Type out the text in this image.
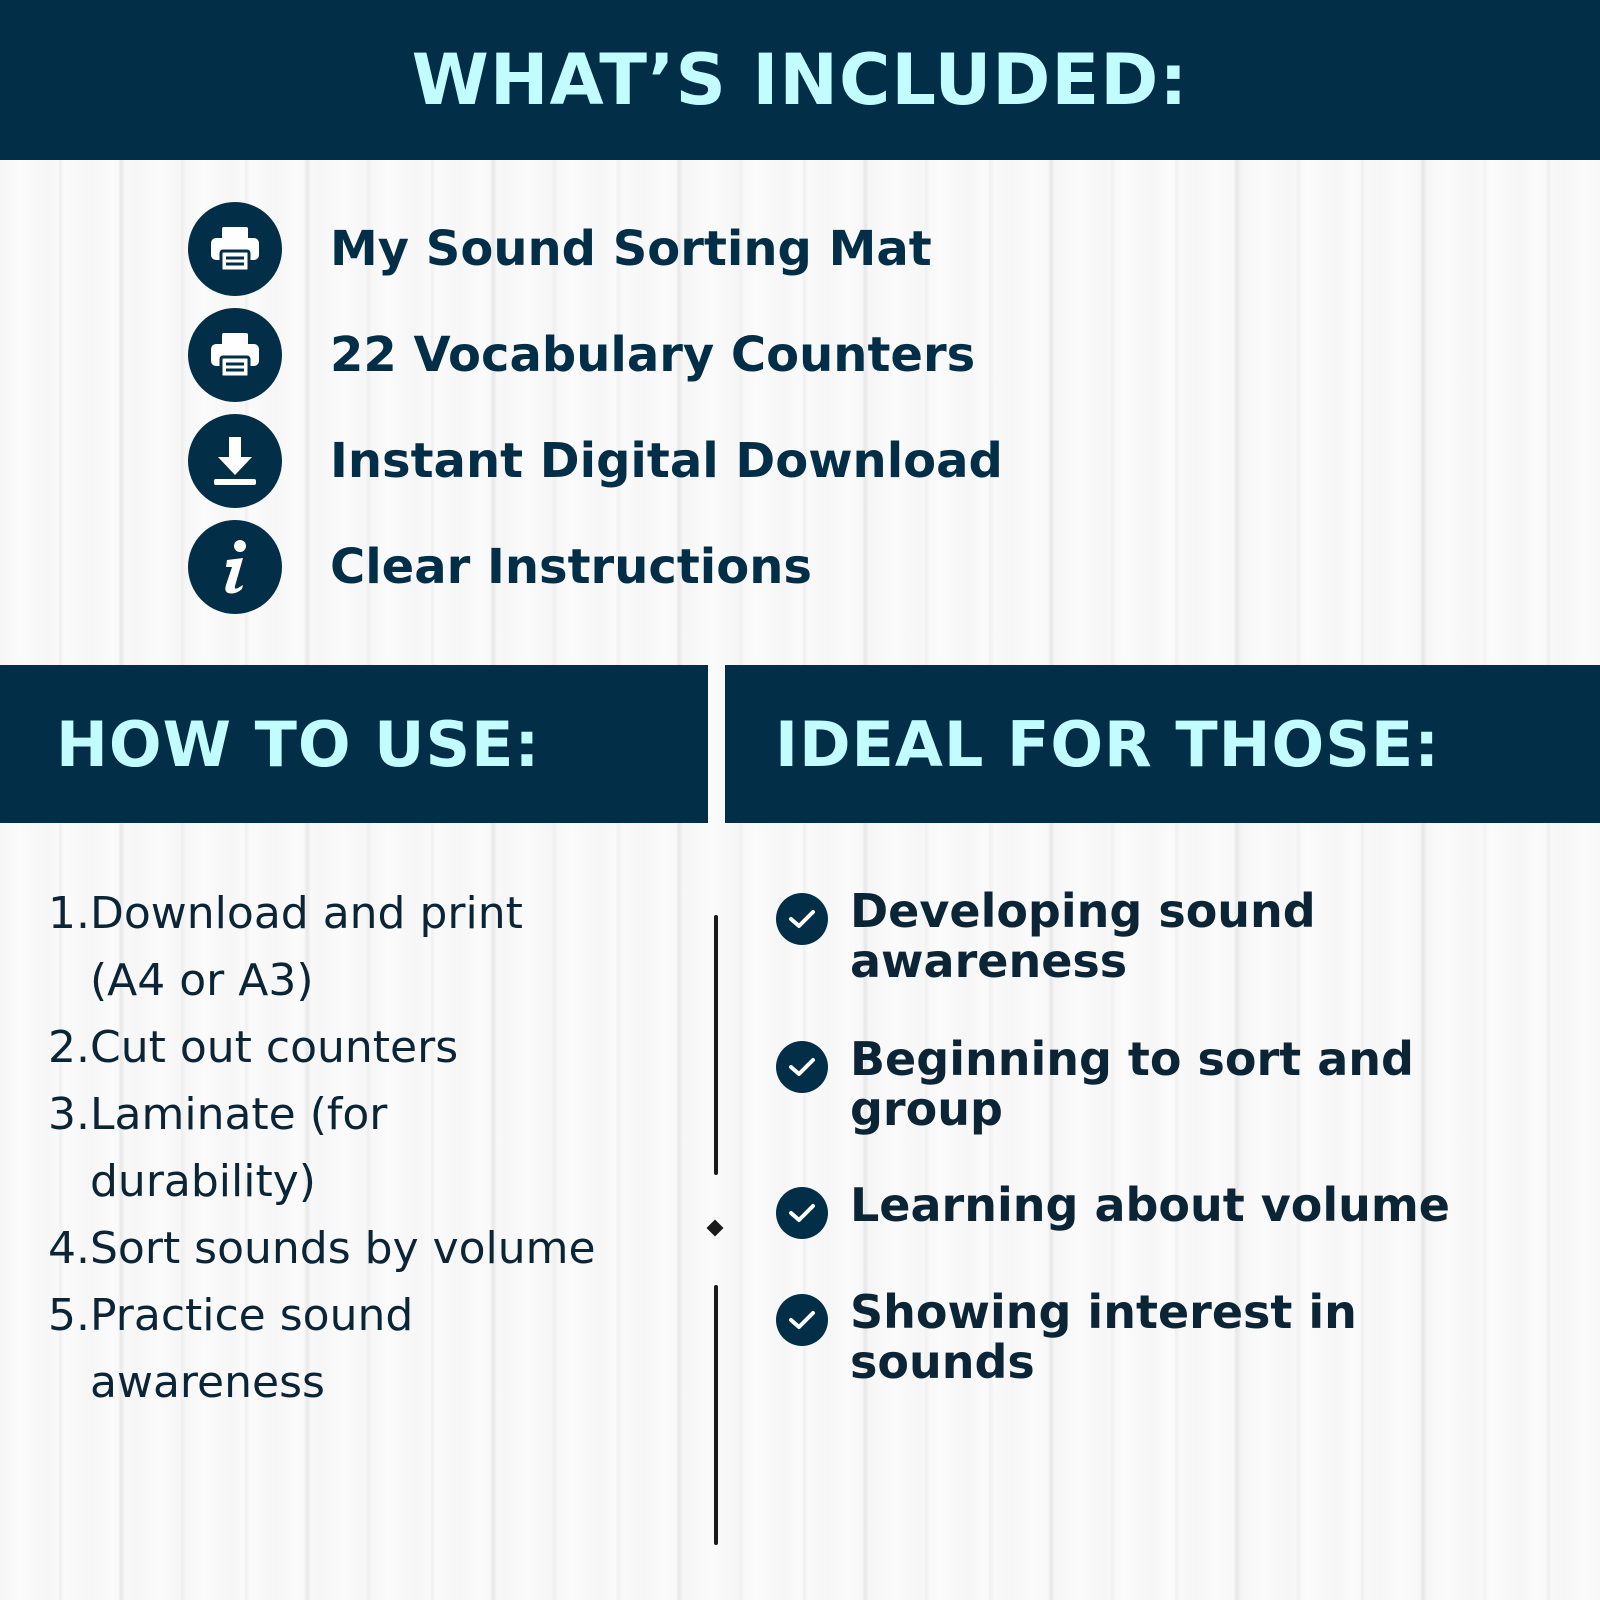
WHAT’S INCLUDED:
My Sound Sorting Mat
22 Vocabulary Counters
Instant Digital Download
Clear Instructions
HOW TO USE:	IDEAL FOR THOSE:
1. Download and print (A4 or A3)
2. Cut out counters
3. Laminate (for durability)
4. Sort sounds by volume
5. Practice sound awareness
Developing sound awareness
Beginning to sort and group
Learning about volume
Showing interest in sounds
